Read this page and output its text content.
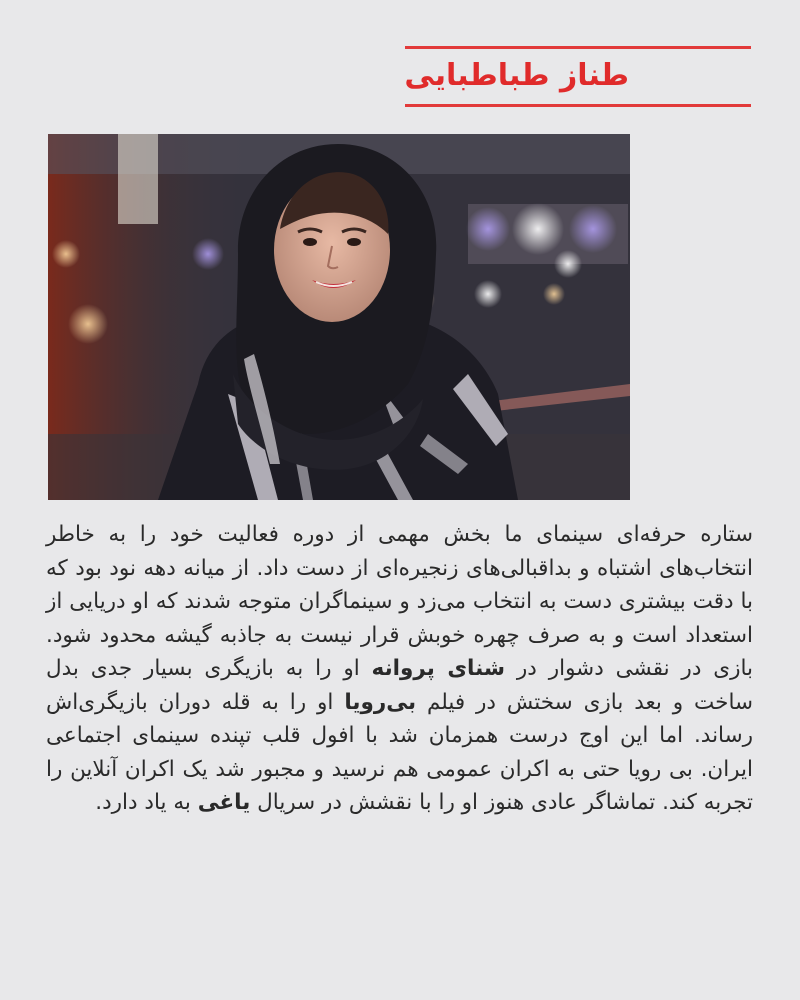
طناز طباطبایی
ستاره حرفه‌ای سینمای ما بخش مهمی از دوره فعالیت خود را به خاطر انتخاب‌های اشتباه و بداقبالی‌های زنجیره‌ای از دست داد. از میانه دهه نود بود که با دقت بیشتری دست به انتخاب می‌زد و سینماگران متوجه شدند که او دریایی از استعداد است و به صرف چهره خوبش قرار نیست به جاذبه گیشه محدود شود. بازی در نقشی دشوار در شنای پروانه او را به بازیگری بسیار جدی بدل ساخت و بعد بازی سختش در فیلم بی‌رویا او را به قله دوران بازیگری‌اش رساند. اما این اوج درست همزمان شد با افول قلب تپنده سینمای اجتماعی ایران. بی رویا حتی به اکران عمومی هم نرسید و مجبور شد یک اکران آنلاین را تجربه کند. تماشاگر عادی هنوز او را با نقشش در سریال یاغی به یاد دارد.
